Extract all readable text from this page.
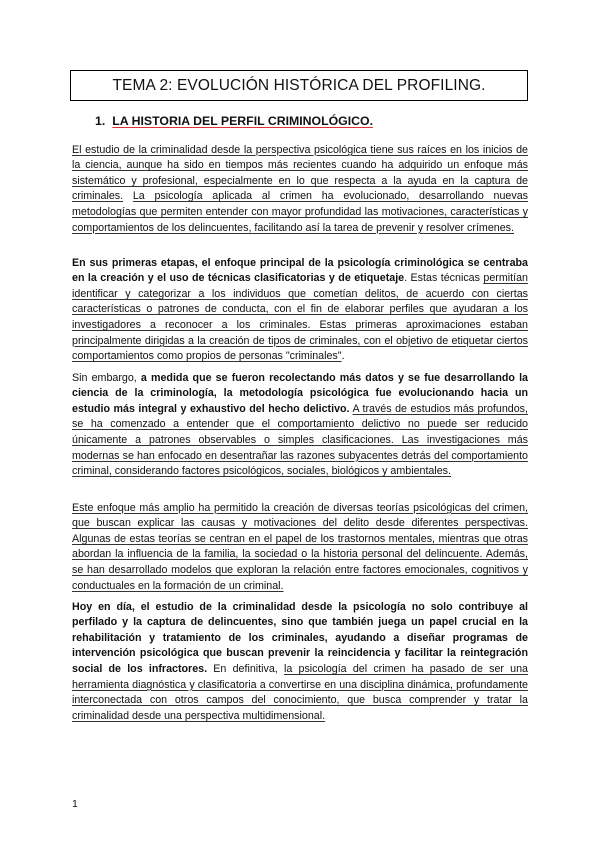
TEMA 2: EVOLUCIÓN HISTÓRICA DEL PROFILING.
1. LA HISTORIA DEL PERFIL CRIMINOLÓGICO.

El estudio de la criminalidad desde la perspectiva psicológica tiene sus raíces en los inicios de la ciencia, aunque ha sido en tiempos más recientes cuando ha adquirido un enfoque más sistemático y profesional, especialmente en lo que respecta a la ayuda en la captura de criminales. La psicología aplicada al crimen ha evolucionado, desarrollando nuevas metodologías que permiten entender con mayor profundidad las motivaciones, características y comportamientos de los delincuentes, facilitando así la tarea de prevenir y resolver crímenes.

En sus primeras etapas, el enfoque principal de la psicología criminológica se centraba en la creación y el uso de técnicas clasificatorias y de etiquetaje. Estas técnicas permitían identificar y categorizar a los individuos que cometían delitos, de acuerdo con ciertas características o patrones de conducta, con el fin de elaborar perfiles que ayudaran a los investigadores a reconocer a los criminales. Estas primeras aproximaciones estaban principalmente dirigidas a la creación de tipos de criminales, con el objetivo de etiquetar ciertos comportamientos como propios de personas "criminales".

Sin embargo, a medida que se fueron recolectando más datos y se fue desarrollando la ciencia de la criminología, la metodología psicológica fue evolucionando hacia un estudio más integral y exhaustivo del hecho delictivo. A través de estudios más profundos, se ha comenzado a entender que el comportamiento delictivo no puede ser reducido únicamente a patrones observables o simples clasificaciones. Las investigaciones más modernas se han enfocado en desentrañar las razones subyacentes detrás del comportamiento criminal, considerando factores psicológicos, sociales, biológicos y ambientales.

Este enfoque más amplio ha permitido la creación de diversas teorías psicológicas del crimen, que buscan explicar las causas y motivaciones del delito desde diferentes perspectivas. Algunas de estas teorías se centran en el papel de los trastornos mentales, mientras que otras abordan la influencia de la familia, la sociedad o la historia personal del delincuente. Además, se han desarrollado modelos que exploran la relación entre factores emocionales, cognitivos y conductuales en la formación de un criminal.

Hoy en día, el estudio de la criminalidad desde la psicología no solo contribuye al perfilado y la captura de delincuentes, sino que también juega un papel crucial en la rehabilitación y tratamiento de los criminales, ayudando a diseñar programas de intervención psicológica que buscan prevenir la reincidencia y facilitar la reintegración social de los infractores. En definitiva, la psicología del crimen ha pasado de ser una herramienta diagnóstica y clasificatoria a convertirse en una disciplina dinámica, profundamente interconectada con otros campos del conocimiento, que busca comprender y tratar la criminalidad desde una perspectiva multidimensional.

1
